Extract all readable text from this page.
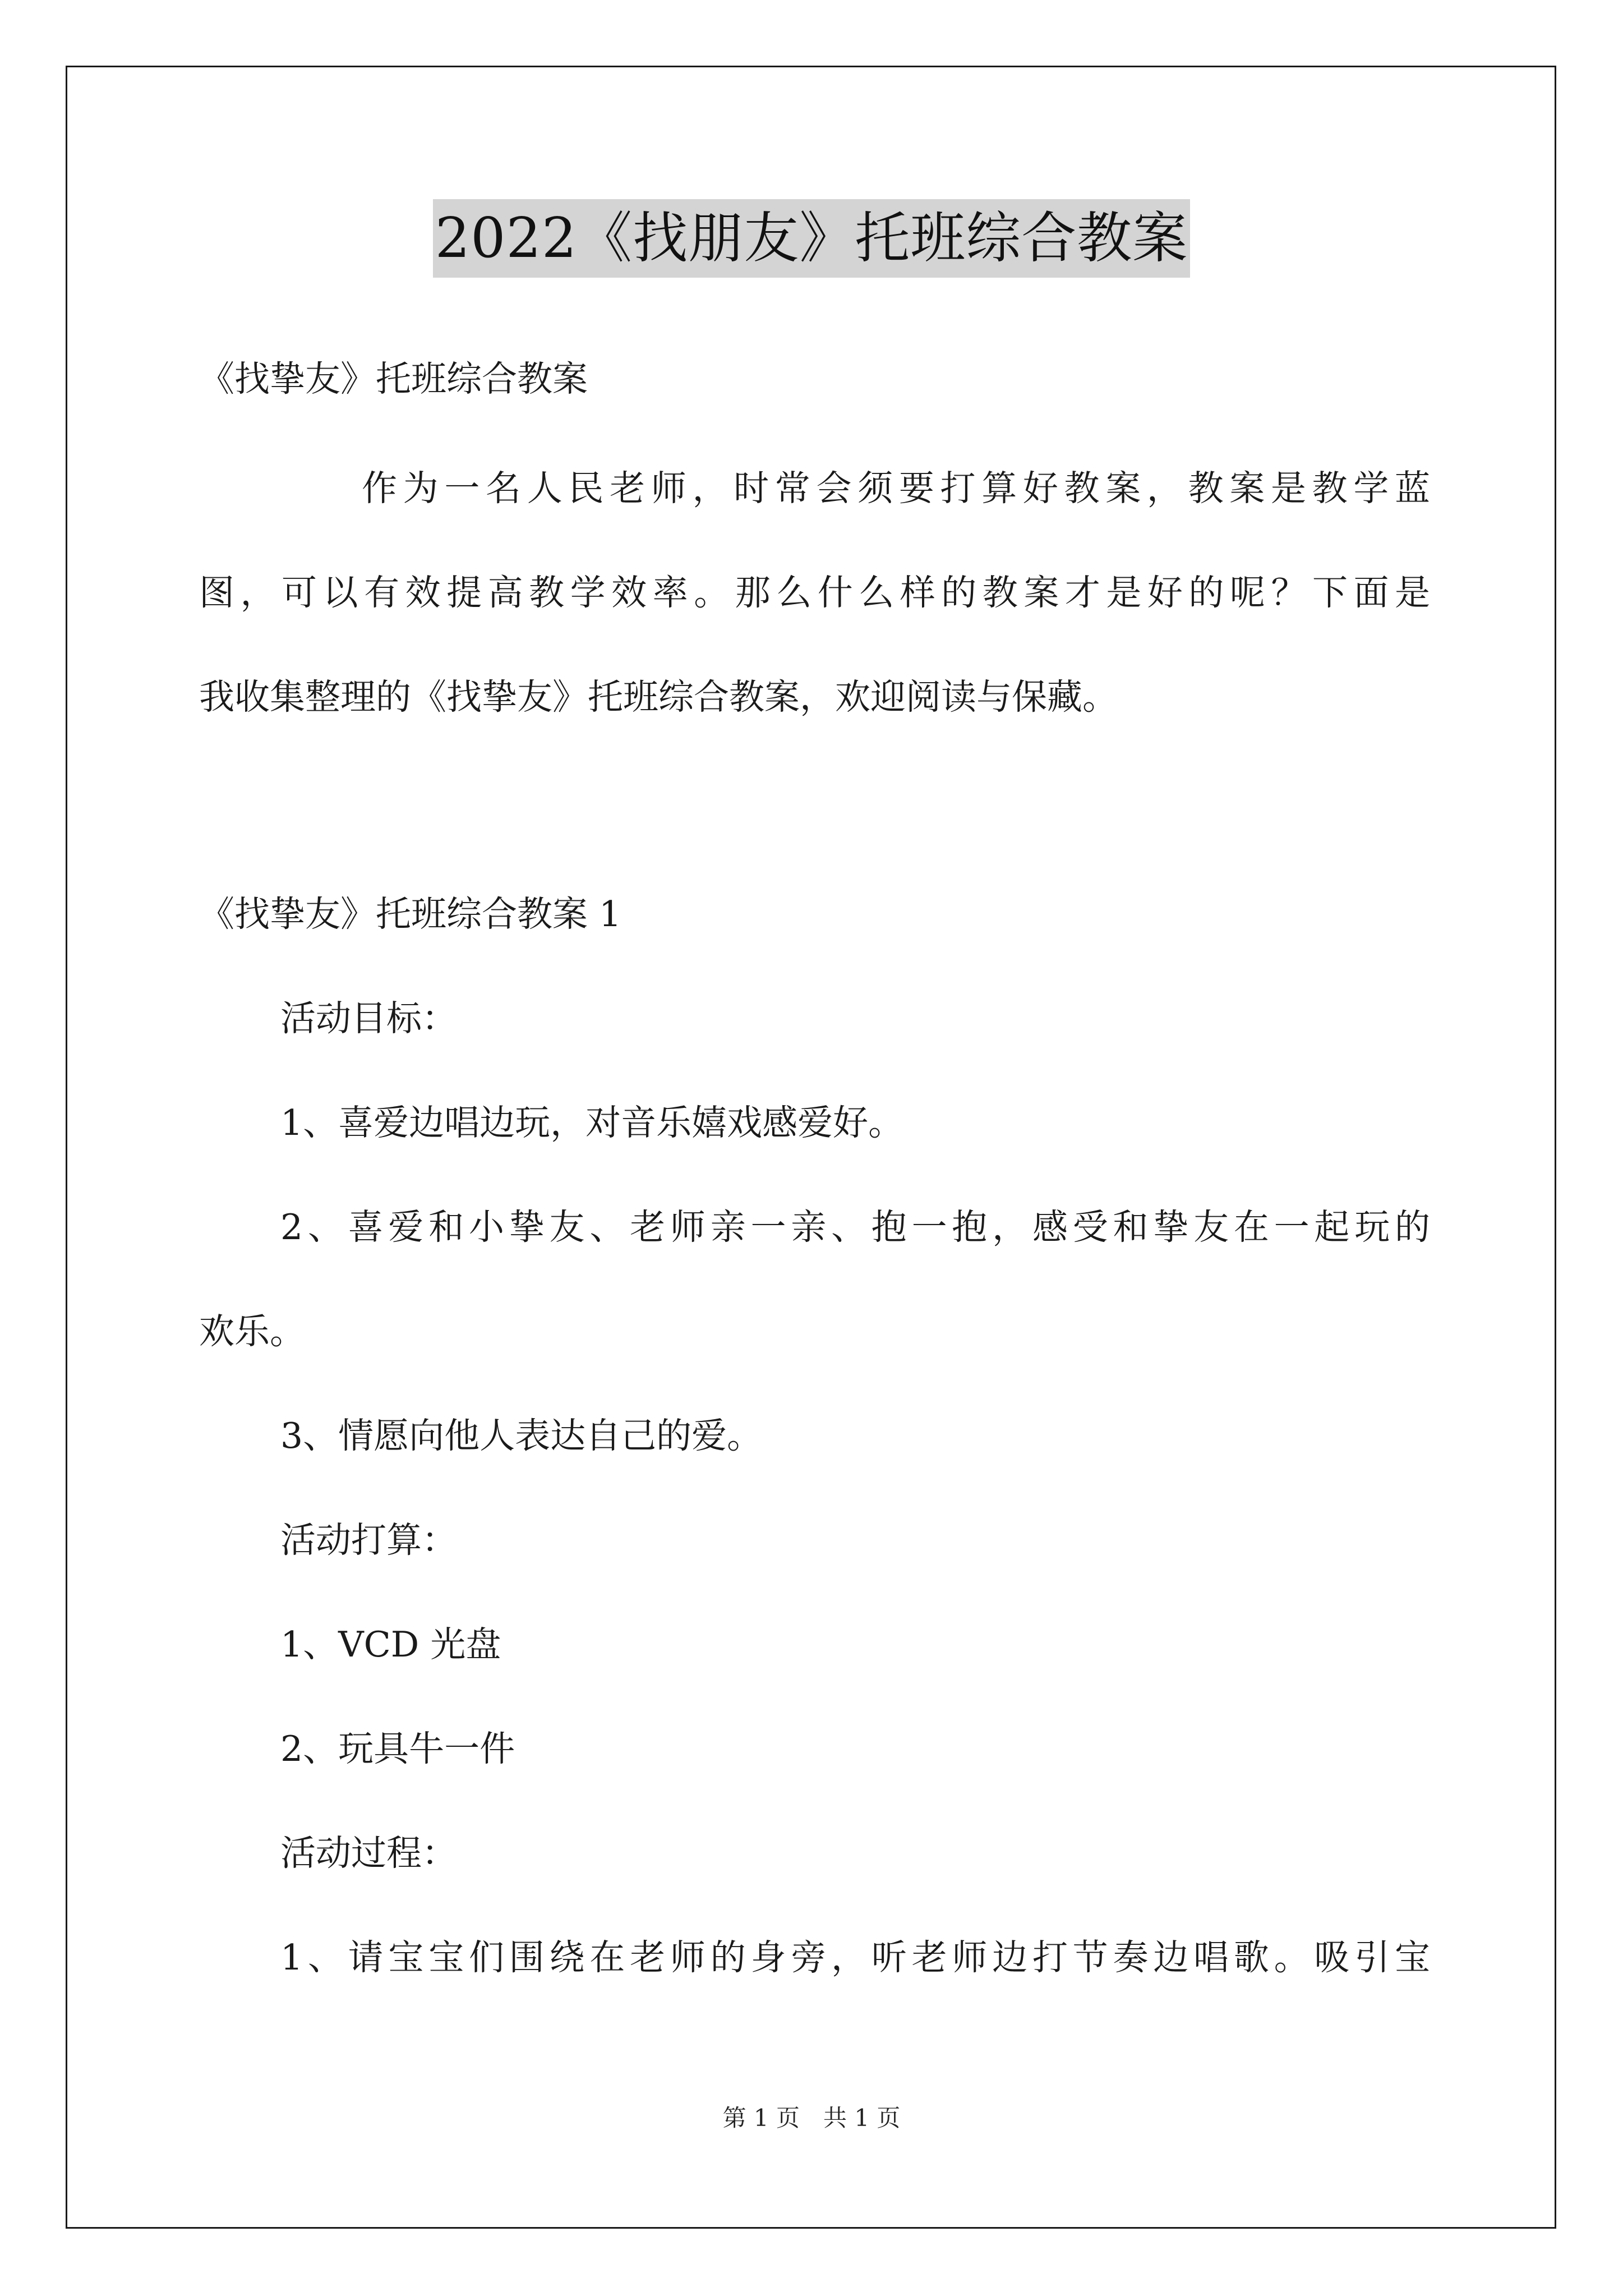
2022《找朋友》托班综合教案
《找挚友》托班综合教案
作为一名人民老师，时常会须要打算好教案，教案是教学蓝
图，可以有效提高教学效率。那么什么样的教案才是好的呢？下面是
我收集整理的《找挚友》托班综合教案，欢迎阅读与保藏。
《找挚友》托班综合教案 1
活动目标：
1、喜爱边唱边玩，对音乐嬉戏感爱好。
2、喜爱和小挚友、老师亲一亲、抱一抱，感受和挚友在一起玩的
欢乐。
3、情愿向他人表达自己的爱。
活动打算：
1、VCD 光盘
2、玩具牛一件
活动过程：
1、请宝宝们围绕在老师的身旁，听老师边打节奏边唱歌。吸引宝
第 1 页　共 1 页
